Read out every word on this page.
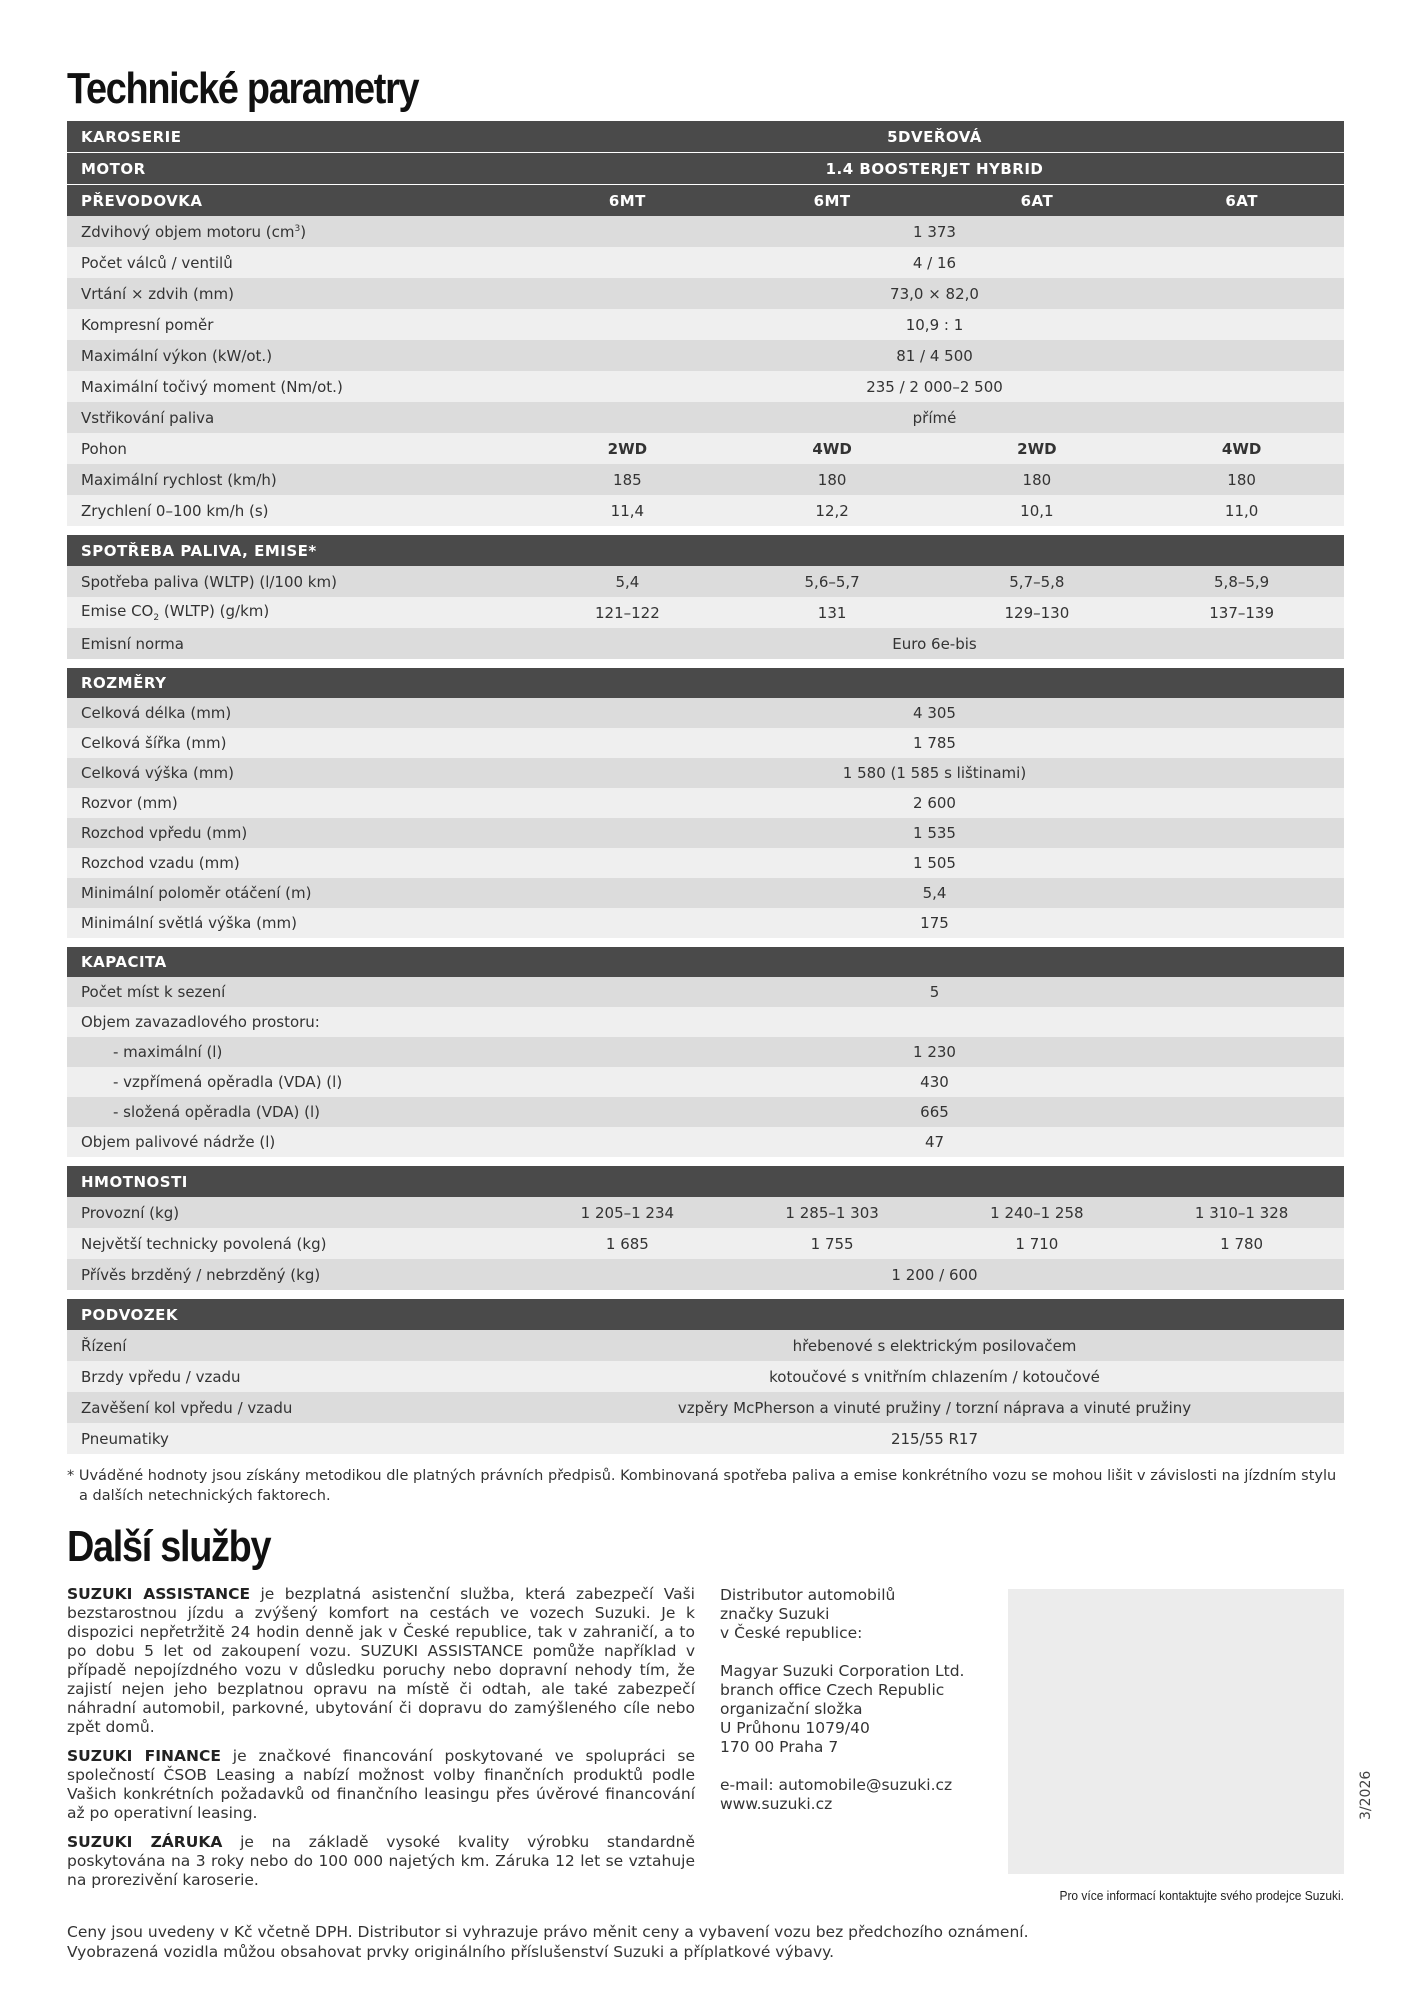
Technické parametry
KAROSERIE	5DVEŘOVÁ
MOTOR	1.4 BOOSTERJET HYBRID
PŘEVODOVKA	6MT	6MT	6AT	6AT
Zdvihový objem motoru $(cm^3)$	1 373
Počet válců / ventilů	4 / 16
Vrtání × zdvih (mm)	73,0 × 82,0
Kompresní poměr	10,9 : 1
Maximální výkon (kW/ot.)	81 / 4 500
Maximální točivý moment (Nm/ot.)	235 / 2 000–2 500
Vstřikování paliva	přímé
Pohon	2WD	4WD	2WD	4WD
Maximální rychlost (km/h)	185	180	180	180
Zrychlení 0–100 km/h (s)	11,4	12,2	10,1	11,0
SPOTŘEBA PALIVA, EMISE*
Spotřeba paliva (WLTP) (l/100 km)	5,4	5,6–5,7	5,7–5,8	5,8–5,9
Emise $CO_2$ (WLTP) (g/km)	121–122	131	129–130	137–139
Emisní norma	Euro 6e-bis
ROZMĚRY
Celková délka (mm)	4 305
Celková šířka (mm)	1 785
Celková výška (mm)	1 580 (1 585 s lištinami)
Rozvor (mm)	2 600
Rozchod vpředu (mm)	1 535
Rozchod vzadu (mm)	1 505
Minimální poloměr otáčení (m)	5,4
Minimální světlá výška (mm)	175
KAPACITA
Počet míst k sezení	5
Objem zavazadlového prostoru:
- maximální (l)	1 230
- vzpřímená opěradla (VDA) (l)	430
- složená opěradla (VDA) (l)	665
Objem palivové nádrže (l)	47
HMOTNOSTI
Provozní (kg)	1 205–1 234	1 285–1 303	1 240–1 258	1 310–1 328
Největší technicky povolená (kg)	1 685	1 755	1 710	1 780
Přívěs brzděný / nebrzděný (kg)	1 200 / 600
PODVOZEK
Řízení	hřebenové s elektrickým posilovačem
Brzdy vpředu / vzadu	kotoučové s vnitřním chlazením / kotoučové
Zavěšení kol vpředu / vzadu	vzpěry McPherson a vinuté pružiny / torzní náprava a vinuté pružiny
Pneumatiky	215/55 R17
* Uváděné hodnoty jsou získány metodikou dle platných právních předpisů. Kombinovaná spotřeba paliva a emise konkrétního vozu se mohou lišit v závislosti na jízdním stylu
a dalších netechnických faktorech.
Další služby

SUZUKI ASSISTANCE je bezplatná asistenční služba, která zabezpečí Vaši bezstarostnou jízdu a zvýšený komfort na cestách ve vozech Suzuki. Je k dispozici nepřetržitě 24 hodin denně jak v České republice, tak v zahraničí, a to po dobu 5 let od zakoupení vozu. SUZUKI ASSISTANCE pomůže například v případě nepojízdného vozu v důsledku poruchy nebo dopravní nehody tím, že zajistí nejen jeho bezplatnou opravu na místě či odtah, ale také zabezpečí náhradní automobil, parkovné, ubytování či dopravu do zamýšleného cíle nebo zpět domů.

SUZUKI FINANCE je značkové financování poskytované ve spolupráci se společností ČSOB Leasing a nabízí možnost volby finančních produktů podle Vašich konkrétních požadavků od finančního leasingu přes úvěrové financování až po operativní leasing.

SUZUKI ZÁRUKA je na základě vysoké kvality výrobku standardně poskytována na 3 roky nebo do 100 000 najetých km. Záruka 12 let se vztahuje na prorezivění karoserie.

Distributor automobilů
značky Suzuki
v České republice:
Magyar Suzuki Corporation Ltd.
branch office Czech Republic
organizační složka
U Průhonu 1079/40
170 00 Praha 7
e-mail: automobile@suzuki.cz
www.suzuki.cz
Pro více informací kontaktujte svého prodejce Suzuki.
3/2026
Ceny jsou uvedeny v Kč včetně DPH. Distributor si vyhrazuje právo měnit ceny a vybavení vozu bez předchozího oznámení.
Vyobrazená vozidla můžou obsahovat prvky originálního příslušenství Suzuki a příplatkové výbavy.
